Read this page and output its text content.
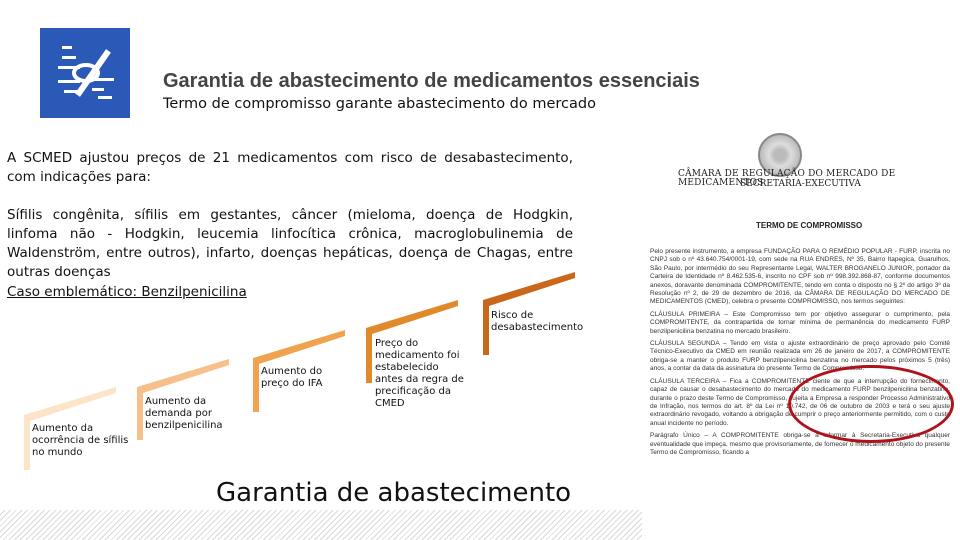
Garantia de abastecimento de medicamentos essenciais
Termo de compromisso garante abastecimento do mercado
A SCMED ajustou preços de 21 medicamentos com risco de desabastecimento, com indicações para:
Sífilis congênita, sífilis em gestantes, câncer (mieloma, doença de Hodgkin, linfoma não - Hodgkin, leucemia linfocítica crônica, macroglobulinemia de Waldenström, entre outros), infarto, doenças hepáticas, doença de Chagas, entre outras doenças
Caso emblemático: Benzilpenicilina
Aumento da ocorrência de sífilis no mundo
Aumento da demanda por benzilpenicilina
Aumento do preço do IFA
Preço do medicamento foi estabelecido antes da regra de precificação da CMED
Risco de desabastecimento
CÂMARA DE REGULAÇÃO DO MERCADO DE MEDICAMENTOS
SECRETARIA-EXECUTIVA
TERMO DE COMPROMISSO

Pelo presente instrumento, a empresa FUNDAÇÃO PARA O REMÉDIO POPULAR - FURP, inscrita no CNPJ sob o nº 43.640.754/0001-19, com sede na RUA ENDRES, Nº 35, Bairro Itapegica, Guarulhos, São Paulo, por intermédio do seu Representante Legal, WALTER BROGANELO JUNIOR, portador da Carteira de Identidade nº 8.462.535-6, inscrito no CPF sob nº 998.392.868-87, conforme documentos anexos, doravante denominada COMPROMITENTE, tendo em conta o disposto no § 2º do artigo 3º da Resolução nº 2, de 29 de dezembro de 2016, da CÂMARA DE REGULAÇÃO DO MERCADO DE MEDICAMENTOS (CMED), celebra o presente COMPROMISSO, nos termos seguintes:

CLÁUSULA PRIMEIRA – Este Compromisso tem por objetivo assegurar o cumprimento, pela COMPROMITENTE, da contrapartida de tornar mínima de permanência do medicamento FURP benzilpenicilina benzatina no mercado brasileiro.

CLÁUSULA SEGUNDA – Tendo em vista o ajuste extraordinário de preço aprovado pelo Comitê Técnico-Executivo da CMED em reunião realizada em 26 de janeiro de 2017, a COMPROMITENTE obriga-se a manter o produto FURP benzilpenicilina benzatina no mercado pelos próximos 5 (três) anos, a contar da data da assinatura do presente Termo de Compromisso.

CLÁUSULA TERCEIRA – Fica a COMPROMITENTE ciente de que a interrupção do fornecimento, capaz de causar o desabastecimento do mercado do medicamento FURP benzilpenicilina benzatina, durante o prazo deste Termo de Compromisso, sujeita a Empresa a responder Processo Administrativo de Infração, nos termos do art. 8º da Lei nº 10.742, de 06 de outubro de 2003 e terá o seu ajuste extraordinário revogado, voltando a obrigação de cumprir o preço anteriormente permitido, com o custo anual incidente no período.

Parágrafo Único – A COMPROMITENTE obriga-se a informar à Secretaria-Executiva qualquer eventualidade que impeça, mesmo que provisoriamente, de fornecer o medicamento objeto do presente Termo de Compromisso, ficando a

Garantia de abastecimento
